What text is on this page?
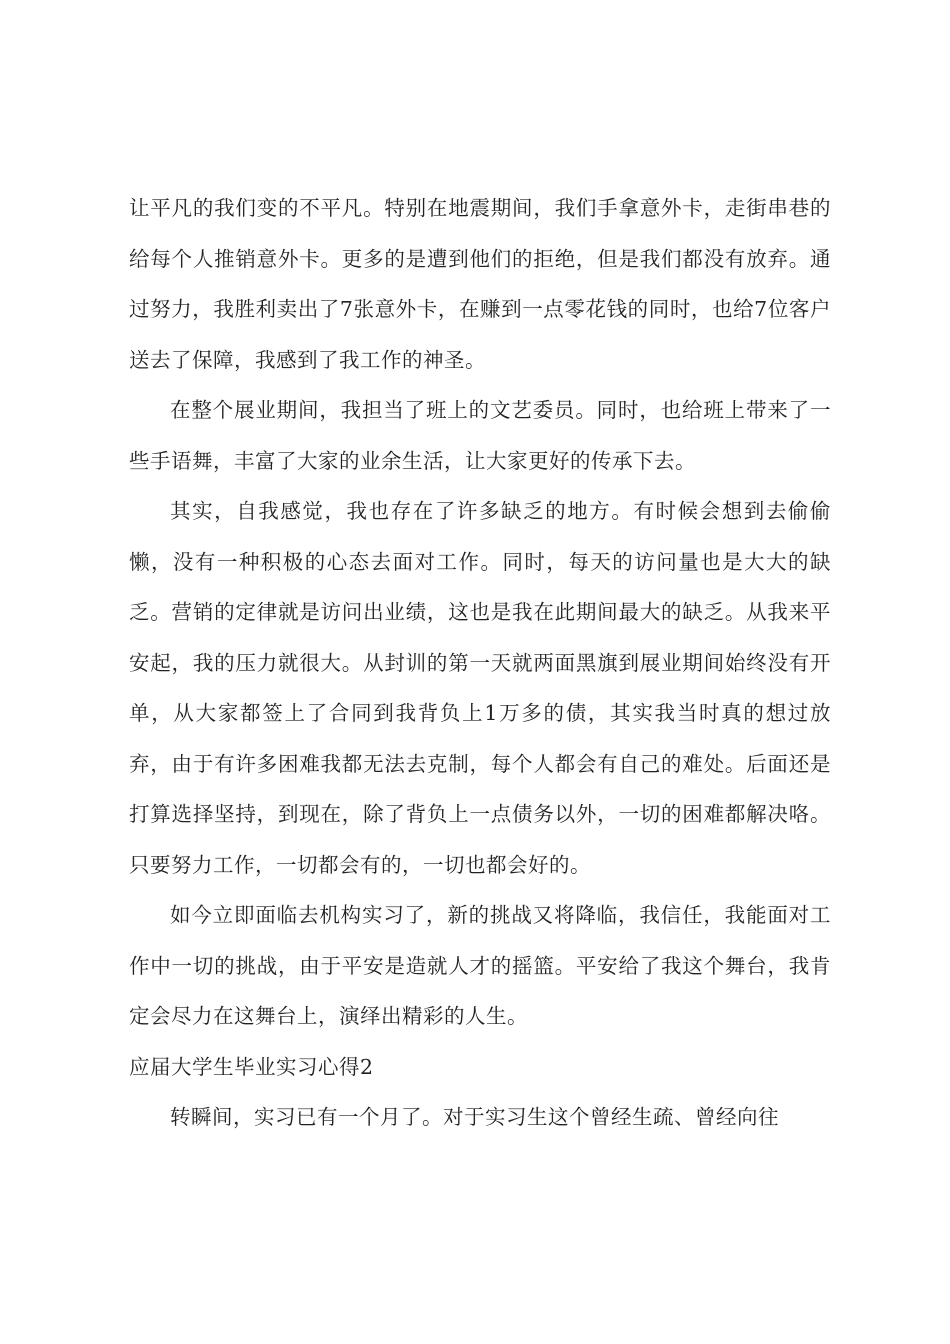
让平凡的我们变的不平凡。特别在地震期间，我们手拿意外卡，走街串巷的给每个人推销意外卡。更多的是遭到他们的拒绝，但是我们都没有放弃。通过努力，我胜利卖出了7张意外卡，在赚到一点零花钱的同时，也给7位客户送去了保障，我感到了我工作的神圣。

在整个展业期间，我担当了班上的文艺委员。同时，也给班上带来了一些手语舞，丰富了大家的业余生活，让大家更好的传承下去。

其实，自我感觉，我也存在了许多缺乏的地方。有时候会想到去偷偷懒，没有一种积极的心态去面对工作。同时，每天的访问量也是大大的缺乏。营销的定律就是访问出业绩，这也是我在此期间最大的缺乏。从我来平安起，我的压力就很大。从封训的第一天就两面黑旗到展业期间始终没有开单，从大家都签上了合同到我背负上1万多的债，其实我当时真的想过放弃，由于有许多困难我都无法去克制，每个人都会有自己的难处。后面还是打算选择坚持，到现在，除了背负上一点债务以外，一切的困难都解决咯。只要努力工作，一切都会有的，一切也都会好的。

如今立即面临去机构实习了，新的挑战又将降临，我信任，我能面对工作中一切的挑战，由于平安是造就人才的摇篮。平安给了我这个舞台，我肯定会尽力在这舞台上，演绎出精彩的人生。

应届大学生毕业实习心得2

转瞬间，实习已有一个月了。对于实习生这个曾经生疏、曾经向往
